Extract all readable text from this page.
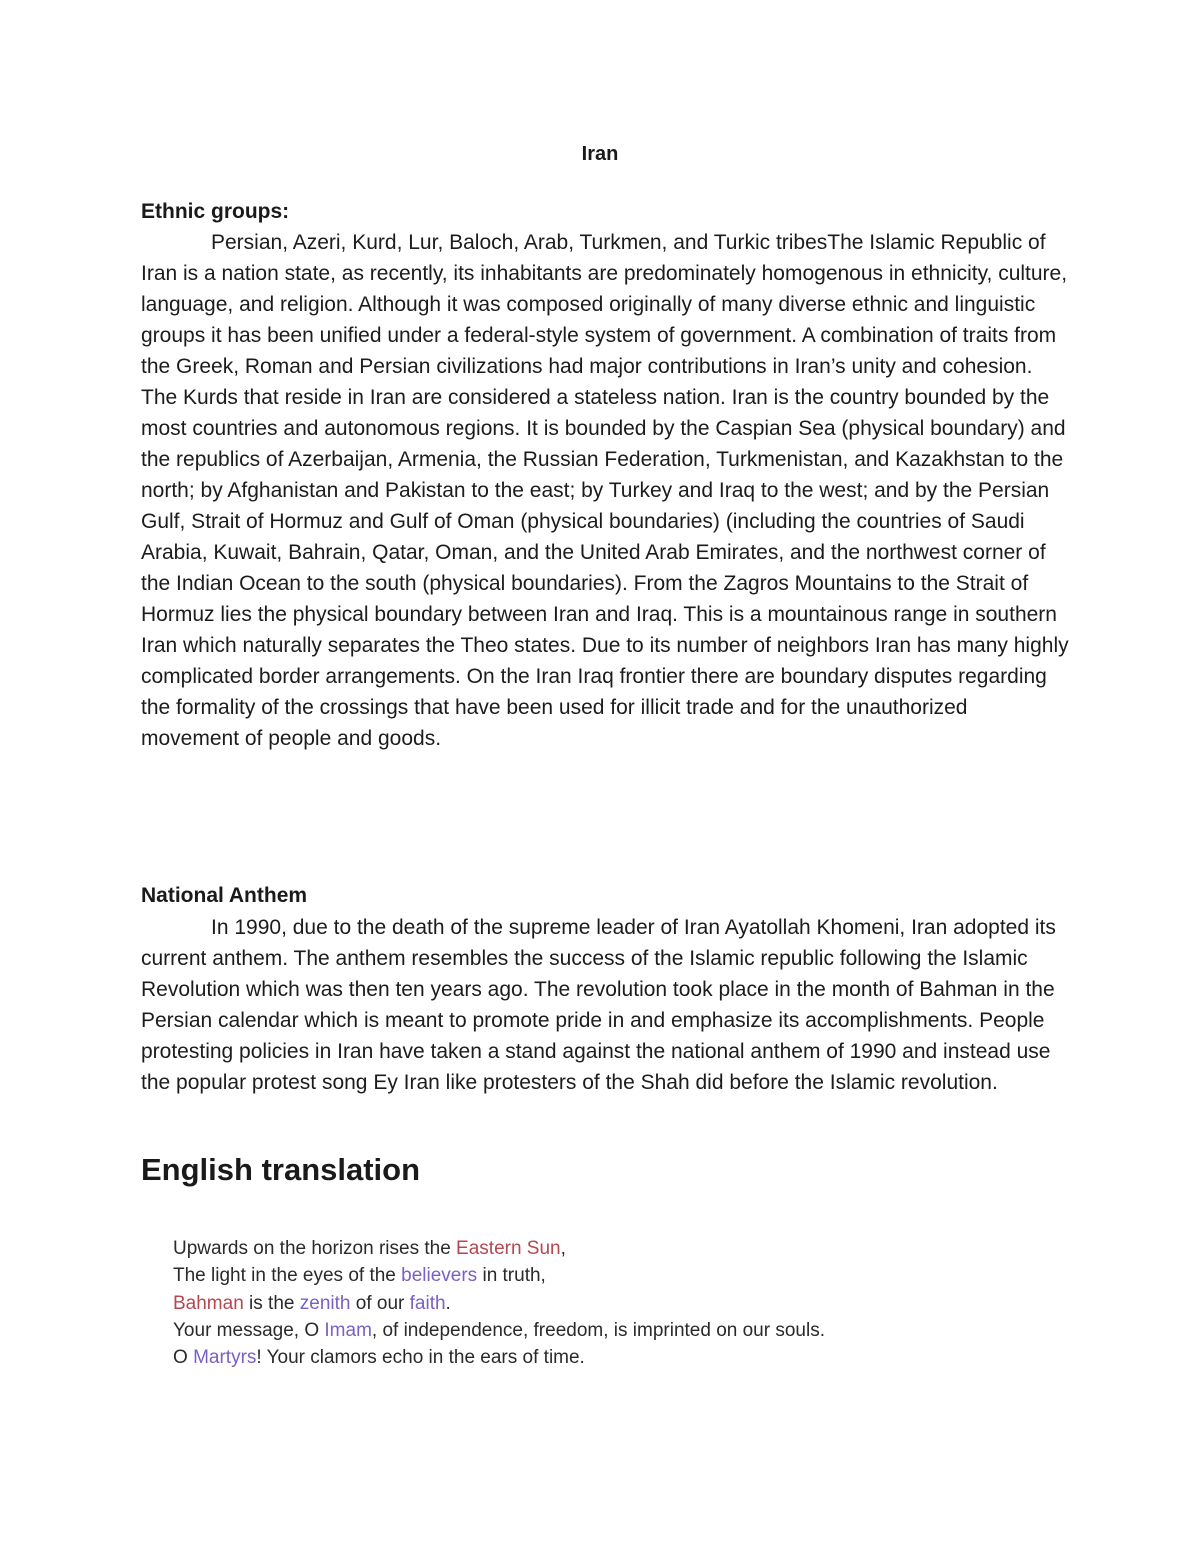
Iran
Ethnic groups:

Persian, Azeri, Kurd, Lur, Baloch, Arab, Turkmen, and Turkic tribesThe Islamic Republic of Iran is a nation state, as recently, its inhabitants are predominately homogenous in ethnicity, culture, language, and religion. Although it was composed originally of many diverse ethnic and linguistic groups it has been unified under a federal-style system of government. A combination of traits from the Greek, Roman and Persian civilizations had major contributions in Iran’s unity and cohesion. The Kurds that reside in Iran are considered a stateless nation. Iran is the country bounded by the most countries and autonomous regions. It is bounded by the Caspian Sea (physical boundary) and the republics of Azerbaijan, Armenia, the Russian Federation, Turkmenistan, and Kazakhstan to the north; by Afghanistan and Pakistan to the east; by Turkey and Iraq to the west; and by the Persian Gulf, Strait of Hormuz and Gulf of Oman (physical boundaries) (including the countries of Saudi Arabia, Kuwait, Bahrain, Qatar, Oman, and the United Arab Emirates, and the northwest corner of the Indian Ocean to the south (physical boundaries). From the Zagros Mountains to the Strait of Hormuz lies the physical boundary between Iran and Iraq. This is a mountainous range in southern Iran which naturally separates the Theo states. Due to its number of neighbors Iran has many highly complicated border arrangements. On the Iran Iraq frontier there are boundary disputes regarding the formality of the crossings that have been used for illicit trade and for the unauthorized movement of people and goods.

National Anthem

In 1990, due to the death of the supreme leader of Iran Ayatollah Khomeni, Iran adopted its current anthem. The anthem resembles the success of the Islamic republic following the Islamic Revolution which was then ten years ago. The revolution took place in the month of Bahman in the Persian calendar which is meant to promote pride in and emphasize its accomplishments. People protesting policies in Iran have taken a stand against the national anthem of 1990 and instead use the popular protest song Ey Iran like protesters of the Shah did before the Islamic revolution.

English translation
Upwards on the horizon rises the Eastern Sun,
The light in the eyes of the believers in truth,
Bahman is the zenith of our faith.
Your message, O Imam, of independence, freedom, is imprinted on our souls.
O Martyrs! Your clamors echo in the ears of time.
